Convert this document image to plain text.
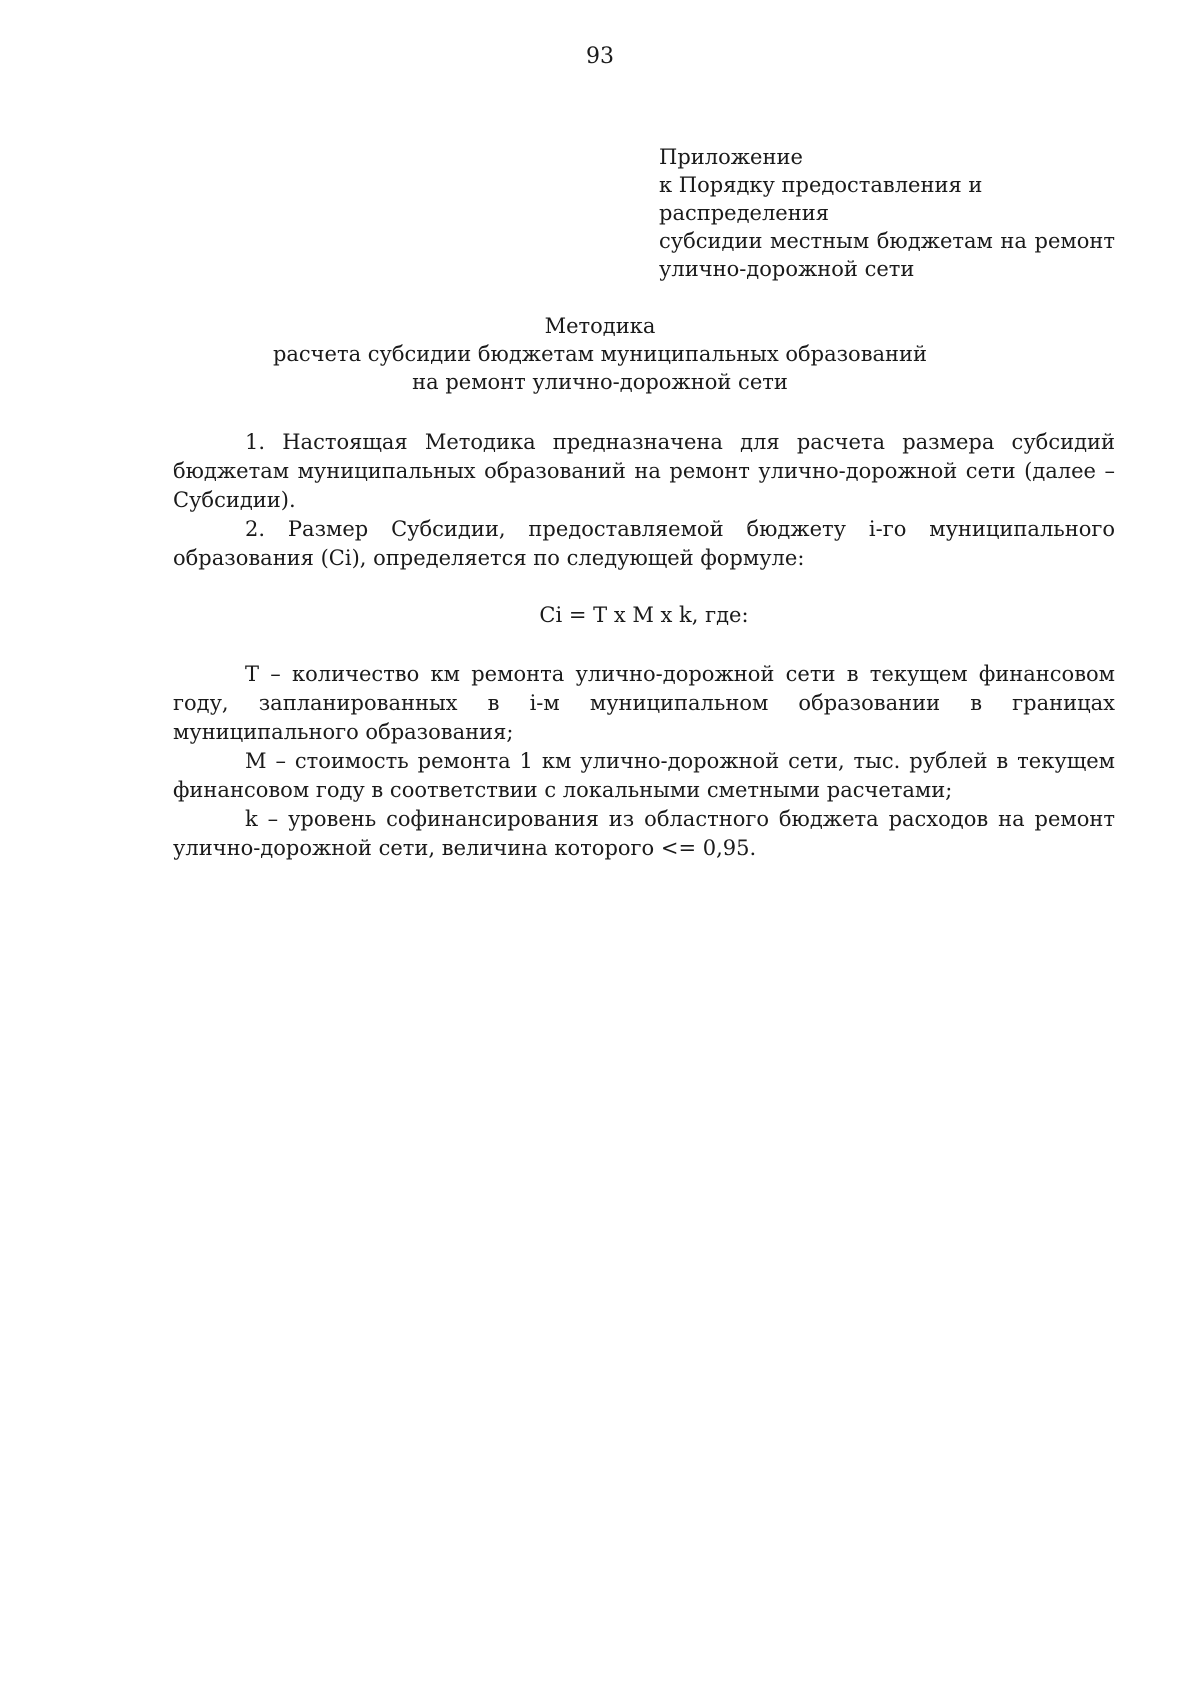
93
Приложение
к Порядку предоставления и распределения
субсидии местным бюджетам на ремонт
улично-дорожной сети
Методика
расчета субсидии бюджетам муниципальных образований
на ремонт улично-дорожной сети

1. Настоящая Методика предназначена для расчета размера субсидий бюджетам муниципальных образований на ремонт улично-дорожной сети (далее – Субсидии).

2. Размер Субсидии, предоставляемой бюджету i-го муниципального образования (Ci), определяется по следующей формуле:

Ci = T x M x k, где:

T – количество км ремонта улично-дорожной сети в текущем финансовом году, запланированных в i-м муниципальном образовании в границах муниципального образования;

M – стоимость ремонта 1 км улично-дорожной сети, тыс. рублей в текущем финансовом году в соответствии с локальными сметными расчетами;

k – уровень софинансирования из областного бюджета расходов на ремонт улично-дорожной сети, величина которого <= 0,95.
